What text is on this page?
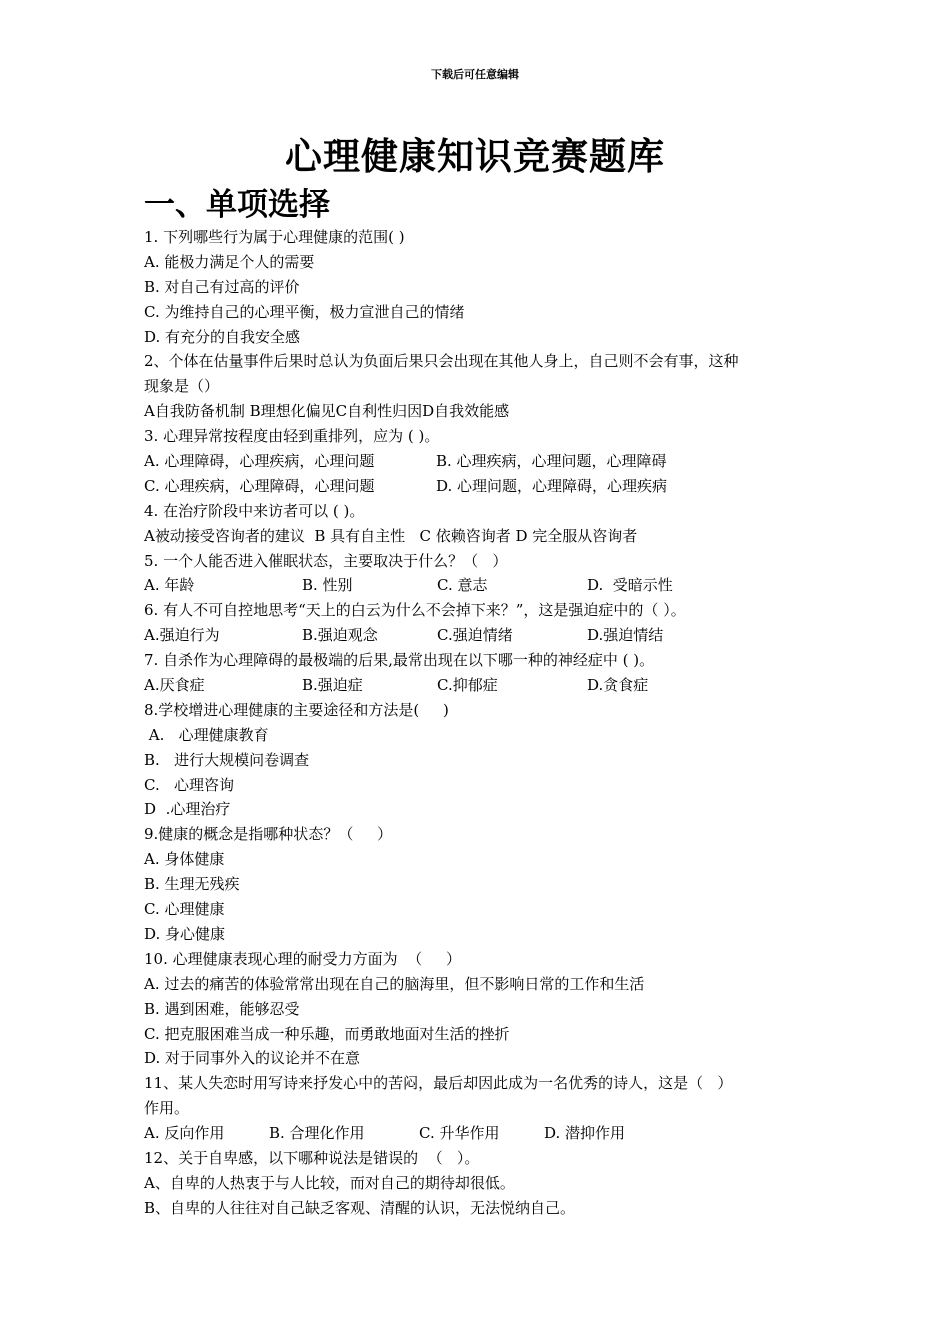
下载后可任意编辑
心理健康知识竞赛题库
一、单项选择
1. 下列哪些行为属于心理健康的范围( )
A. 能极力满足个人的需要
B. 对自己有过高的评价
C. 为维持自己的心理平衡，极力宣泄自己的情绪
D. 有充分的自我安全感
2、个体在估量事件后果时总认为负面后果只会出现在其他人身上，自己则不会有事，这种
现象是（）
A自我防备机制 B理想化偏见C自利性归因D自我效能感
3. 心理异常按程度由轻到重排列，应为 ( )。

A. 心理障碍，心理疾病，心理问题

	B. 心理疾病，心理问题，心理障碍

C. 心理疾病，心理障碍，心理问题

	D. 心理问题，心理障碍，心理疾病

4. 在治疗阶段中来访者可以 ( )。
A被动接受咨询者的建议  B 具有自主性   C 依赖咨询者 D 完全服从咨询者
5. 一个人能否进入催眠状态，主要取决于什么？（   ）

A. 年龄

	B. 性别

	C. 意志

	D.  受暗示性

6. 有人不可自控地思考“天上的白云为什么不会掉下来？”，这是强迫症中的（ ）。

A.强迫行为

	B.强迫观念

	C.强迫情绪

	D.强迫情结

7. 自杀作为心理障碍的最极端的后果,最常出现在以下哪一种的神经症中 ( )。

A.厌食症

	B.强迫症

	C.抑郁症

	D.贪食症

8.学校增进心理健康的主要途径和方法是(     )
A.   心理健康教育
B.   进行大规模问卷调查
C.   心理咨询
D  .心理治疗
9.健康的概念是指哪种状态？（     ）
A. 身体健康
B. 生理无残疾
C. 心理健康
D. 身心健康
10. 心理健康表现心理的耐受力方面为  （     ）
A. 过去的痛苦的体验常常出现在自己的脑海里，但不影响日常的工作和生活
B. 遇到困难，能够忍受
C. 把克服困难当成一种乐趣，而勇敢地面对生活的挫折
D. 对于同事外入的议论并不在意
11、某人失恋时用写诗来抒发心中的苦闷，最后却因此成为一名优秀的诗人，这是（   ）
作用。

A. 反向作用

	B. 合理化作用

	C. 升华作用

	D. 潜抑作用

12、关于自卑感，以下哪种说法是错误的  （   ）。
A、自卑的人热衷于与人比较，而对自己的期待却很低。
B、自卑的人往往对自己缺乏客观、清醒的认识，无法悦纳自己。
